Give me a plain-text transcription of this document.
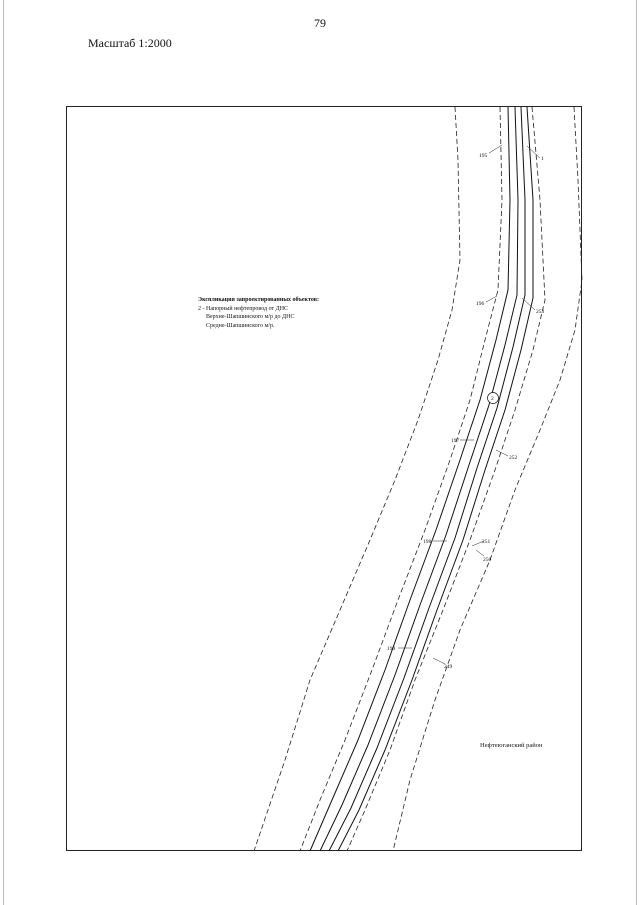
79
Масштаб 1:2000
195	1
196
253
197
252
198	251
250
199
249
2
Экспликация запроектированных объектов:
2 - Напорный нефтепровод от ДНС
Верхне-Шапшинского м/р до ДНС
Средне-Шапшинского м/р.
Нефтеюганский район
